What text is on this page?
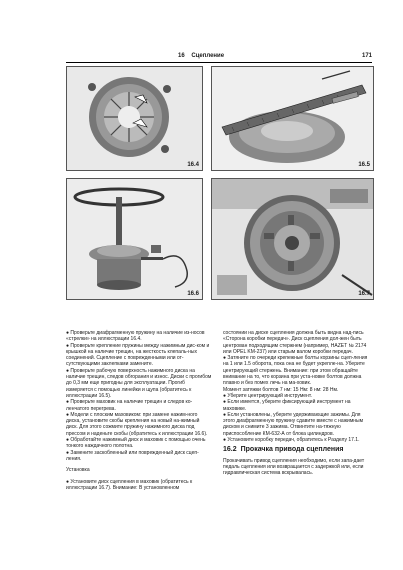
16 Сцепление	171
16.4	16.5
16.6	16.7

● Проверьте диафрагменную пружину на наличие из-носов «стрелки» на иллюстрации 16.4.

● Проверьте крепление пружины между нажимным дис-ком и крышкой на наличие трещин, на жесткость клепаль-ных соединений. Сцепление с поврежденными или от-сутствующими заклепками замените.

● Проверьте рабочую поверхность нажимного диска на наличие трещин, следов обгорания и износ. Диски с прогибом до 0,3 мм еще пригодны для эксплуатации. Прогиб измеряется с помощью линейки и щупа (обратитесь к иллюстрации 16.5).

● Проверьте маховик на наличие трещин и следов ко-ленчатого перегрева.

● Модели с плоским маховиком: при замене нажим-ного диска, установите скобы крепления на новый на-жимный диск. Для этого сожмите пружину нажимного диска под прессом и наденьте скобы (обратитесь к иллюстрации 16.6).

● Обработайте нажимный диск и маховик с помощью очень тонкого наждачного полотна.

● Замените заскобленный или поврежденный диск сцеп-ления.

Установка

● Установите диск сцепления в маховик (обратитесь к иллюстрации 16.7). Внимание: В установленном

состоянии на диске сцепления должна быть видна над-пись «Сторона коробки передач». Диск сцепления дол-жен быть центрован подходящим стержнем (например, HAZET № 2174 или OPEL KM-237) или старым валом коробки передач.

● Затяните по очереди крепежные болты корзины сцеп-ления на 1 или 1.5 оборота, пока она не будет укрепле-на. Уберите центрирующий стержень. Внимание: при этом обращайте внимание на то, что корзина при уста-новке болтов должна плавно и без помех лечь на ма-ховик.

Момент затяжки болтов 7 нм: 15 Нм: 8 нм: 28 Нм.

● Уберите центрирующий инструмент.

● Если имеется, уберите фиксирующий инструмент на маховике.

● Если установлены, уберите удерживающие зажимы. Для этого диафрагменную пружину сдавите вместе с нажимным диском и снимите 3 зажима. Отвинтите на-тяжную приспособление КМ-632-А от блока цилиндров.

● Установите коробку передач, обратитесь к Разделу 17.1.

16.2 Прокачка привода сцепления

Прокачивать привод сцепления необходимо, если запа-дает педаль сцепления или возвращается с задержкой или, если гидравлическая система вскрывалась.
